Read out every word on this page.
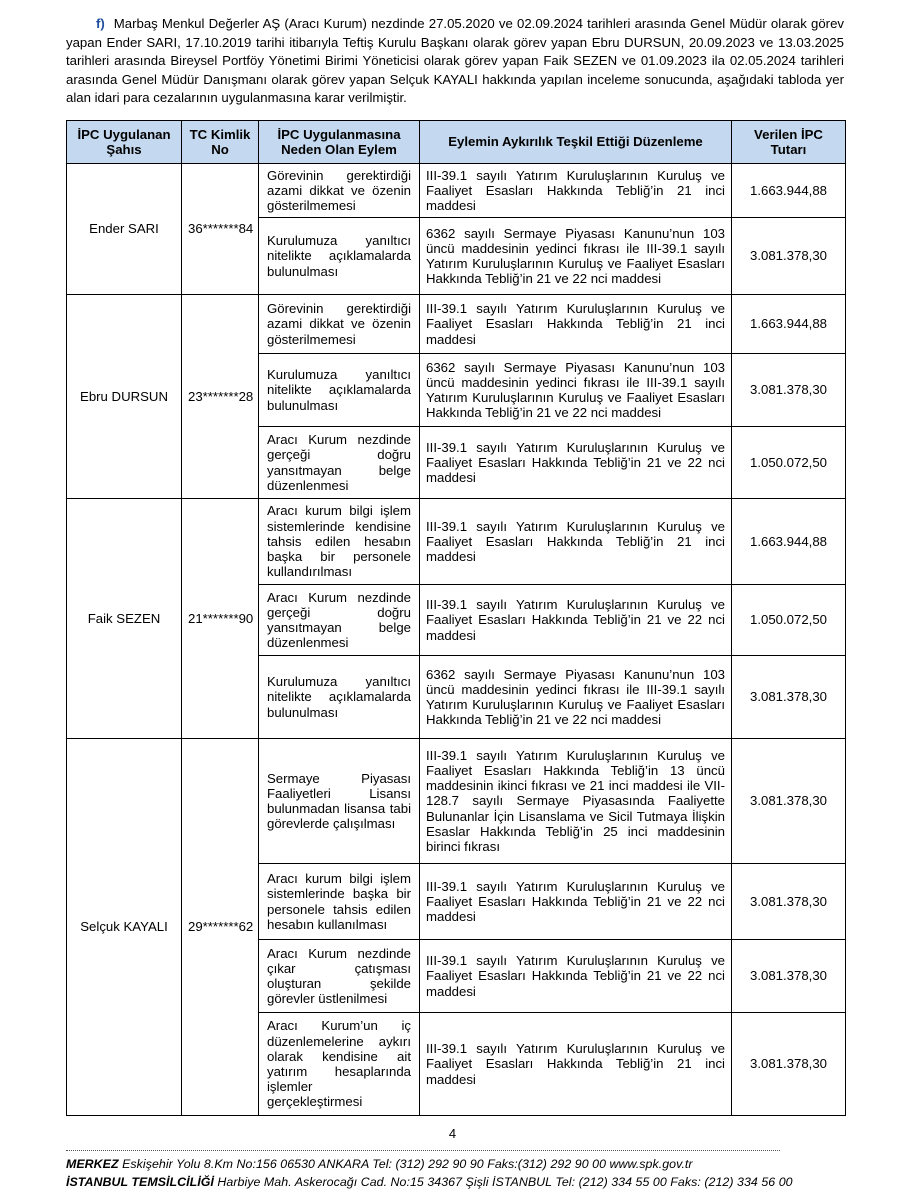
f) Marbaş Menkul Değerler AŞ (Aracı Kurum) nezdinde 27.05.2020 ve 02.09.2024 tarihleri arasında Genel Müdür olarak görev yapan Ender SARI, 17.10.2019 tarihi itibarıyla Teftiş Kurulu Başkanı olarak görev yapan Ebru DURSUN, 20.09.2023 ve 13.03.2025 tarihleri arasında Bireysel Portföy Yönetimi Birimi Yöneticisi olarak görev yapan Faik SEZEN ve 01.09.2023 ila 02.05.2024 tarihleri arasında Genel Müdür Danışmanı olarak görev yapan Selçuk KAYALI hakkında yapılan inceleme sonucunda, aşağıdaki tabloda yer alan idari para cezalarının uygulanmasına karar verilmiştir.
İPC Uygulanan Şahıs	TC Kimlik No	İPC Uygulanmasına Neden Olan Eylem	Eylemin Aykırılık Teşkil Ettiği Düzenleme	Verilen İPC Tutarı
Ender SARI	36*******84	Görevinin gerektirdiği azami dikkat ve özenin gösterilmemesi	III-39.1 sayılı Yatırım Kuruluşlarının Kuruluş ve Faaliyet Esasları Hakkında Tebliğ’in 21 inci maddesi	1.663.944,88
		Kurulumuza yanıltıcı nitelikte açıklamalarda bulunulması	6362 sayılı Sermaye Piyasası Kanunu’nun 103 üncü maddesinin yedinci fıkrası ile III-39.1 sayılı Yatırım Kuruluşlarının Kuruluş ve Faaliyet Esasları Hakkında Tebliğ’in 21 ve 22 nci maddesi	3.081.378,30
Ebru DURSUN	23*******28	Görevinin gerektirdiği azami dikkat ve özenin gösterilmemesi	III-39.1 sayılı Yatırım Kuruluşlarının Kuruluş ve Faaliyet Esasları Hakkında Tebliğ’in 21 inci maddesi	1.663.944,88
		Kurulumuza yanıltıcı nitelikte açıklamalarda bulunulması	6362 sayılı Sermaye Piyasası Kanunu’nun 103 üncü maddesinin yedinci fıkrası ile III-39.1 sayılı Yatırım Kuruluşlarının Kuruluş ve Faaliyet Esasları Hakkında Tebliğ’in 21 ve 22 nci maddesi	3.081.378,30
		Aracı Kurum nezdinde gerçeği doğru yansıtmayan belge düzenlenmesi	III-39.1 sayılı Yatırım Kuruluşlarının Kuruluş ve Faaliyet Esasları Hakkında Tebliğ’in 21 ve 22 nci maddesi	1.050.072,50
Faik SEZEN	21*******90	Aracı kurum bilgi işlem sistemlerinde kendisine tahsis edilen hesabın başka bir personele kullandırılması	III-39.1 sayılı Yatırım Kuruluşlarının Kuruluş ve Faaliyet Esasları Hakkında Tebliğ’in 21 inci maddesi	1.663.944,88
		Aracı Kurum nezdinde gerçeği doğru yansıtmayan belge düzenlenmesi	III-39.1 sayılı Yatırım Kuruluşlarının Kuruluş ve Faaliyet Esasları Hakkında Tebliğ’in 21 ve 22 nci maddesi	1.050.072,50
		Kurulumuza yanıltıcı nitelikte açıklamalarda bulunulması	6362 sayılı Sermaye Piyasası Kanunu’nun 103 üncü maddesinin yedinci fıkrası ile III-39.1 sayılı Yatırım Kuruluşlarının Kuruluş ve Faaliyet Esasları Hakkında Tebliğ’in 21 ve 22 nci maddesi	3.081.378,30
Selçuk KAYALI	29*******62	Sermaye Piyasası Faaliyetleri Lisansı bulunmadan lisansa tabi görevlerde çalışılması	III-39.1 sayılı Yatırım Kuruluşlarının Kuruluş ve Faaliyet Esasları Hakkında Tebliğ’in 13 üncü maddesinin ikinci fıkrası ve 21 inci maddesi ile VII-128.7 sayılı Sermaye Piyasasında Faaliyette Bulunanlar İçin Lisanslama ve Sicil Tutmaya İlişkin Esaslar Hakkında Tebliğ’in 25 inci maddesinin birinci fıkrası	3.081.378,30
		Aracı kurum bilgi işlem sistemlerinde başka bir personele tahsis edilen hesabın kullanılması	III-39.1 sayılı Yatırım Kuruluşlarının Kuruluş ve Faaliyet Esasları Hakkında Tebliğ’in 21 ve 22 nci maddesi	3.081.378,30
		Aracı Kurum nezdinde çıkar çatışması oluşturan şekilde görevler üstlenilmesi	III-39.1 sayılı Yatırım Kuruluşlarının Kuruluş ve Faaliyet Esasları Hakkında Tebliğ’in 21 ve 22 nci maddesi	3.081.378,30
		Aracı Kurum’un iç düzenlemelerine aykırı olarak kendisine ait yatırım hesaplarında işlemler gerçekleştirmesi	III-39.1 sayılı Yatırım Kuruluşlarının Kuruluş ve Faaliyet Esasları Hakkında Tebliğ’in 21 inci maddesi	3.081.378,30
4
MERKEZ Eskişehir Yolu 8.Km No:156 06530 ANKARA Tel: (312) 292 90 90 Faks:(312) 292 90 00 www.spk.gov.tr
İSTANBUL TEMSİLCİLİĞİ Harbiye Mah. Askerocağı Cad. No:15 34367 Şişli İSTANBUL Tel: (212) 334 55 00 Faks: (212) 334 56 00
